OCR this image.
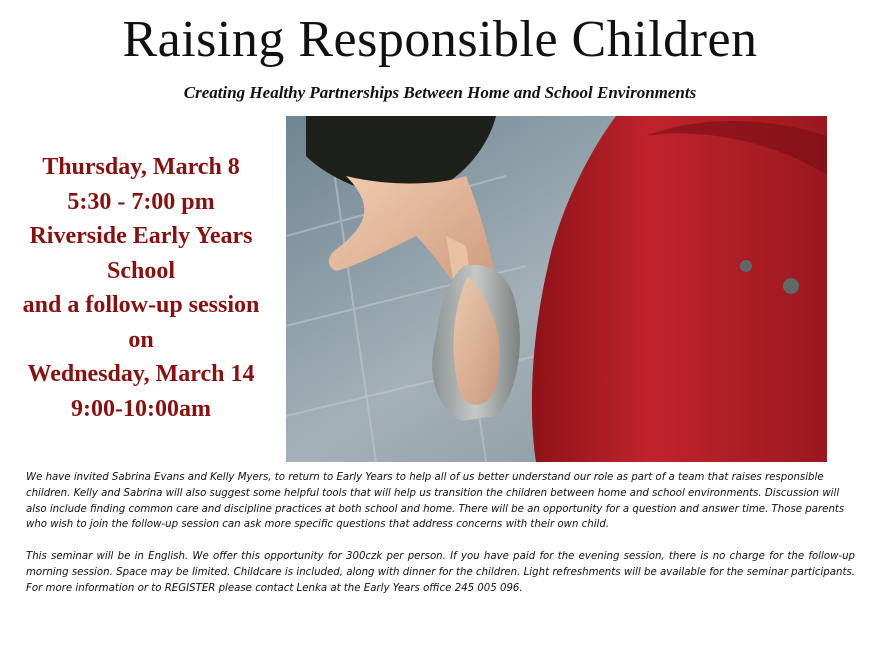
Raising Responsible Children
Creating Healthy Partnerships Between Home and School Environments
Thursday, March 8
5:30 - 7:00 pm
Riverside Early Years
School
and a follow-up session
on
Wednesday, March 14
9:00-10:00am

We have invited Sabrina Evans and Kelly Myers, to return to Early Years to help all of us better understand our role as part of a team that raises responsible children. Kelly and Sabrina will also suggest some helpful tools that will help us transition the children between home and school environments. Discussion will also include finding common care and discipline practices at both school and home. There will be an opportunity for a question and answer time. Those parents who wish to join the follow-up session can ask more specific questions that address concerns with their own child.

This seminar will be in English. We offer this opportunity for 300czk per person. If you have paid for the evening session, there is no charge for the follow-up morning session. Space may be limited. Childcare is included, along with dinner for the children. Light refreshments will be available for the seminar participants. For more information or to REGISTER please contact Lenka at the Early Years office 245 005 096.
